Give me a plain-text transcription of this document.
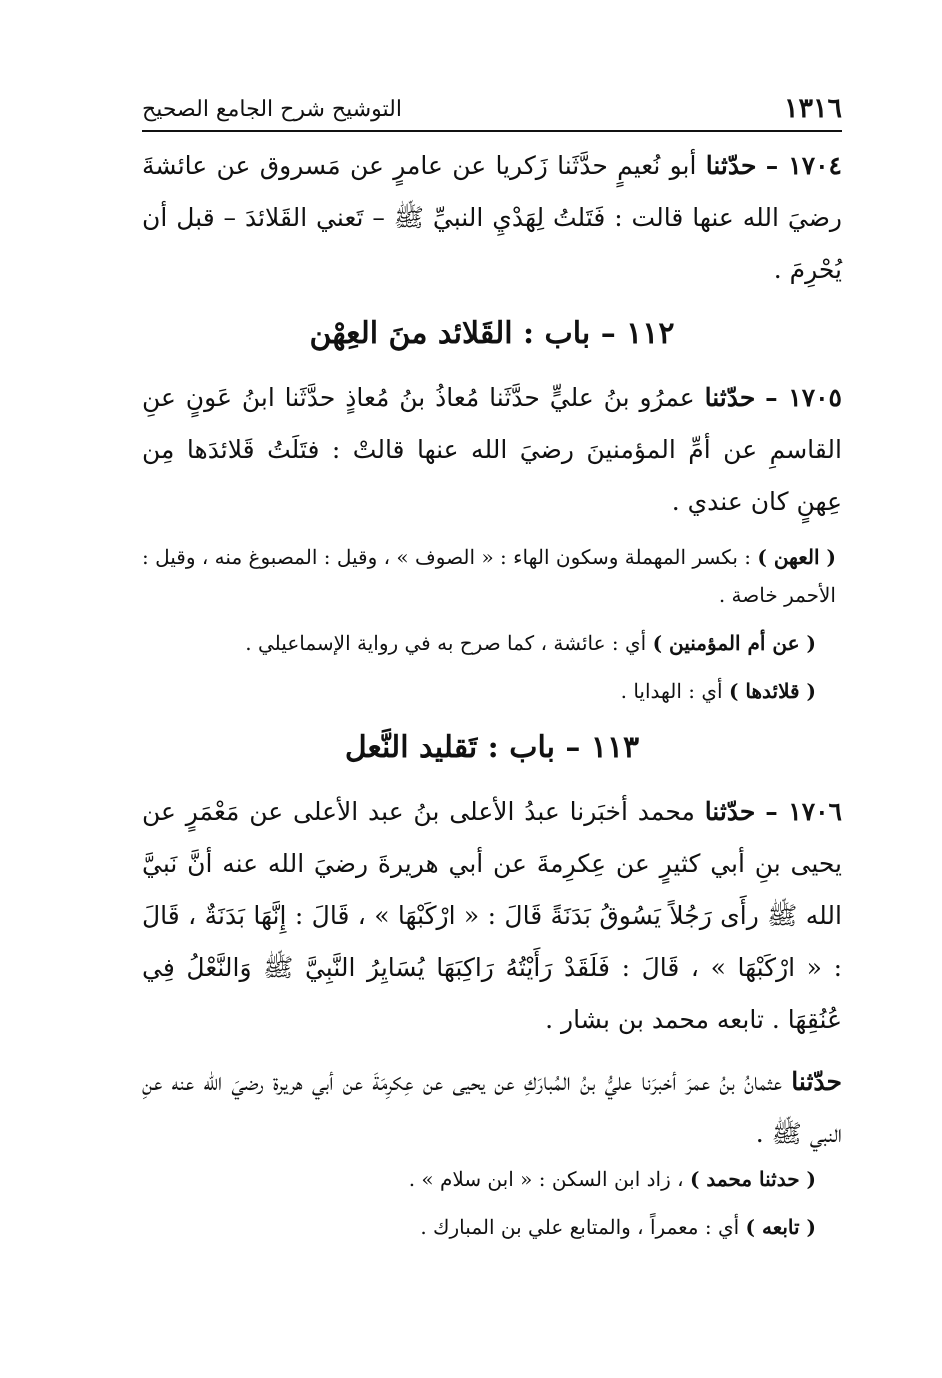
١٣١٦
التوشيح شرح الجامع الصحيح

١٧٠٤ – حدّثنا أبو نُعيمٍ حدَّثَنا زَكريا عن عامرٍ عن مَسروق عن عائشةَ رضيَ الله عنها قالت : فَتَلتُ لِهَدْيِ النبيِّ ﷺ – تَعني القَلائدَ – قبل أن يُحْرِمَ .

١١٢ – باب : القَلائد منَ العِهْن

١٧٠٥ – حدّثنا عمرُو بنُ عليٍّ حدَّثَنا مُعاذُ بنُ مُعاذٍ حدَّثَنا ابنُ عَونٍ عنِ القاسمِ عن أمِّ المؤمنينَ رضيَ الله عنها قالتْ : فتَلَتُ قَلائدَها مِن عِهنٍ كان عندي .

( العهن ) : بكسر المهملة وسكون الهاء : « الصوف » ، وقيل : المصبوغ منه ، وقيل : الأحمر خاصة .

( عن أم المؤمنين ) أي : عائشة ، كما صرح به في رواية الإسماعيلي .

( قلائدها ) أي : الهدايا .

١١٣ – باب : تَقليد النَّعل

١٧٠٦ – حدّثنا محمد أخبَرنا عبدُ الأعلى بنُ عبد الأعلى عن مَعْمَرٍ عن يحيى بنِ أبي كثيرٍ عن عِكرِمةَ عن أبي هريرةَ رضيَ الله عنه أنَّ نَبيَّ الله ﷺ رأَى رَجُلاً يَسُوقُ بَدَنَةً قَالَ : « ارْكَبْهَا » ، قَالَ : إِنَّهَا بَدَنَةٌ ، قَالَ : « ارْكَبْهَا » ، قَالَ : فَلَقَدْ رَأَيْتُهُ رَاكِبَهَا يُسَايِرُ النَّبِيَّ ﷺ وَالنَّعْلُ فِي عُنُقِهَا . تابعه محمد بن بشار .

حدّثنا عثمانُ بنُ عمرَ أخبرَنا عليُّ بنُ المُبارَكِ عن يحيى عن عِكرِمَةَ عن أبي هريرة رضيَ الله عنه عنِ النبي ﷺ .

( حدثنا محمد ) ، زاد ابن السكن : « ابن سلام » .

( تابعه ) أي : معمراً ، والمتابع علي بن المبارك .
